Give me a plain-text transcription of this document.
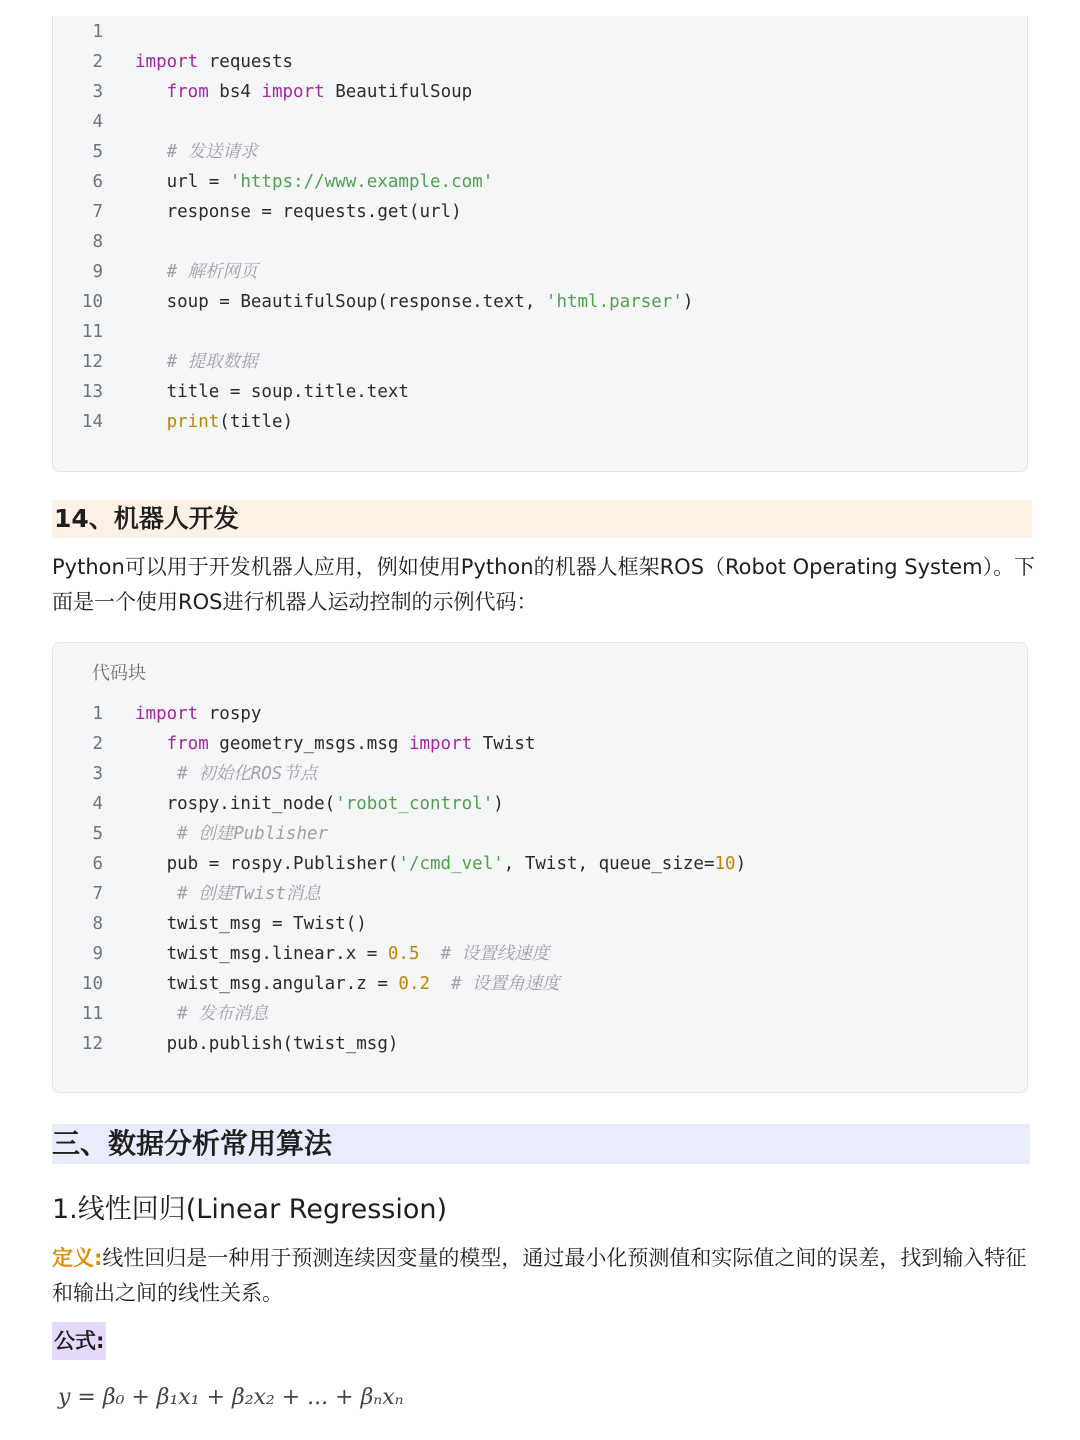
1
2 import requests
3	from bs4 import BeautifulSoup
4
5	# 发送请求
6 url = 'https://www.example.com'
7 response = requests.get(url)
8
9	# 解析网页
10 soup = BeautifulSoup(response.text, 'html.parser')
11
12	# 提取数据
13 title = soup.title.text
14	print(title)
14、机器人开发
Python可以用于开发机器人应用，例如使用Python的机器人框架ROS（Robot Operating System）。下面是一个使用ROS进行机器人运动控制的示例代码：
代码块
1 import rospy
2	from geometry_msgs.msg import Twist
3	# 初始化ROS节点
4 rospy.init_node('robot_control')
5	# 创建Publisher
6 pub = rospy.Publisher('/cmd_vel', Twist, queue_size=10)
7	# 创建Twist消息
8 twist_msg = Twist()
9 twist_msg.linear.x = 0.5 # 设置线速度
10 twist_msg.angular.z = 0.2 # 设置角速度
11	# 发布消息
12 pub.publish(twist_msg)
三、数据分析常用算法
1.线性回归(Linear Regression)
定义:线性回归是一种用于预测连续因变量的模型，通过最小化预测值和实际值之间的误差，找到输入特征和输出之间的线性关系。
公式:
y = β₀ + β₁x₁ + β₂x₂ + ... + βₙxₙ
